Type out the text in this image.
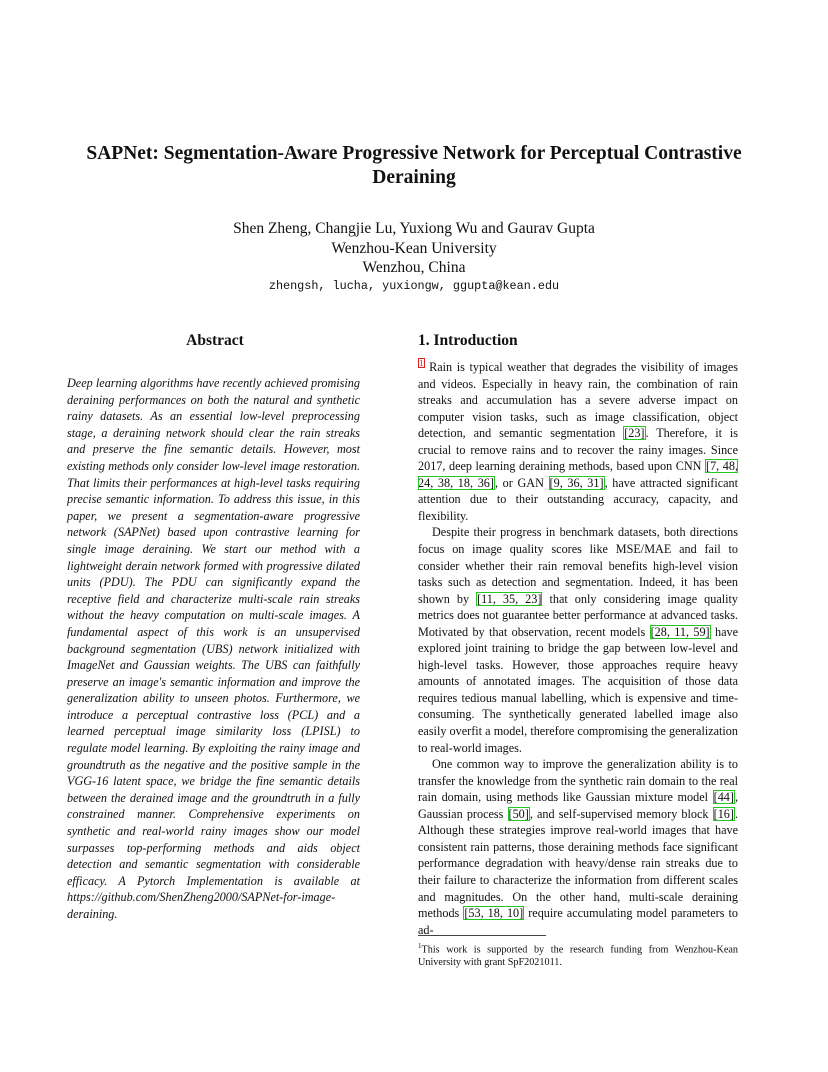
SAPNet: Segmentation-Aware Progressive Network for Perceptual Contrastive Deraining
Shen Zheng, Changjie Lu, Yuxiong Wu and Gaurav Gupta
Wenzhou-Kean University
Wenzhou, China
zhengsh, lucha, yuxiongw, ggupta@kean.edu
Abstract

Deep learning algorithms have recently achieved promising deraining performances on both the natural and synthetic rainy datasets. As an essential low-level preprocessing stage, a deraining network should clear the rain streaks and preserve the fine semantic details. However, most existing methods only consider low-level image restoration. That limits their performances at high-level tasks requiring precise semantic information. To address this issue, in this paper, we present a segmentation-aware progressive network (SAPNet) based upon contrastive learning for single image deraining. We start our method with a lightweight derain network formed with progressive dilated units (PDU). The PDU can significantly expand the receptive field and characterize multi-scale rain streaks without the heavy computation on multi-scale images. A fundamental aspect of this work is an unsupervised background segmentation (UBS) network initialized with ImageNet and Gaussian weights. The UBS can faithfully preserve an image's semantic information and improve the generalization ability to unseen photos. Furthermore, we introduce a perceptual contrastive loss (PCL) and a learned perceptual image similarity loss (LPISL) to regulate model learning. By exploiting the rainy image and groundtruth as the negative and the positive sample in the VGG-16 latent space, we bridge the fine semantic details between the derained image and the groundtruth in a fully constrained manner. Comprehensive experiments on synthetic and real-world rainy images show our model surpasses top-performing methods and aids object detection and semantic segmentation with considerable efficacy. A Pytorch Implementation is available at https://github.com/ShenZheng2000/SAPNet-for-image-deraining.

1. Introduction

$^1$ Rain is typical weather that degrades the visibility of images and videos. Especially in heavy rain, the combination of rain streaks and accumulation has a severe adverse impact on computer vision tasks, such as image classification, object detection, and semantic segmentation [23]. Therefore, it is crucial to remove rains and to recover the rainy images. Since 2017, deep learning deraining methods, based upon CNN [7, 48, 24, 38, 18, 36], or GAN [9, 36, 31], have attracted significant attention due to their outstanding accuracy, capacity, and flexibility.

Despite their progress in benchmark datasets, both directions focus on image quality scores like MSE/MAE and fail to consider whether their rain removal benefits high-level vision tasks such as detection and segmentation. Indeed, it has been shown by [11, 35, 23] that only considering image quality metrics does not guarantee better performance at advanced tasks. Motivated by that observation, recent models [28, 11, 59] have explored joint training to bridge the gap between low-level and high-level tasks. However, those approaches require heavy amounts of annotated images. The acquisition of those data requires tedious manual labelling, which is expensive and time-consuming. The synthetically generated labelled image also easily overfit a model, therefore compromising the generalization to real-world images.

One common way to improve the generalization ability is to transfer the knowledge from the synthetic rain domain to the real rain domain, using methods like Gaussian mixture model [44], Gaussian process [50], and self-supervised memory block [16]. Although these strategies improve real-world images that have consistent rain patterns, those deraining methods face significant performance degradation with heavy/dense rain streaks due to their failure to characterize the information from different scales and magnitudes. On the other hand, multi-scale deraining methods [53, 18, 10] require accumulating model parameters to ad-

$^1$This work is supported by the research funding from Wenzhou-Kean University with grant SpF2021011.
